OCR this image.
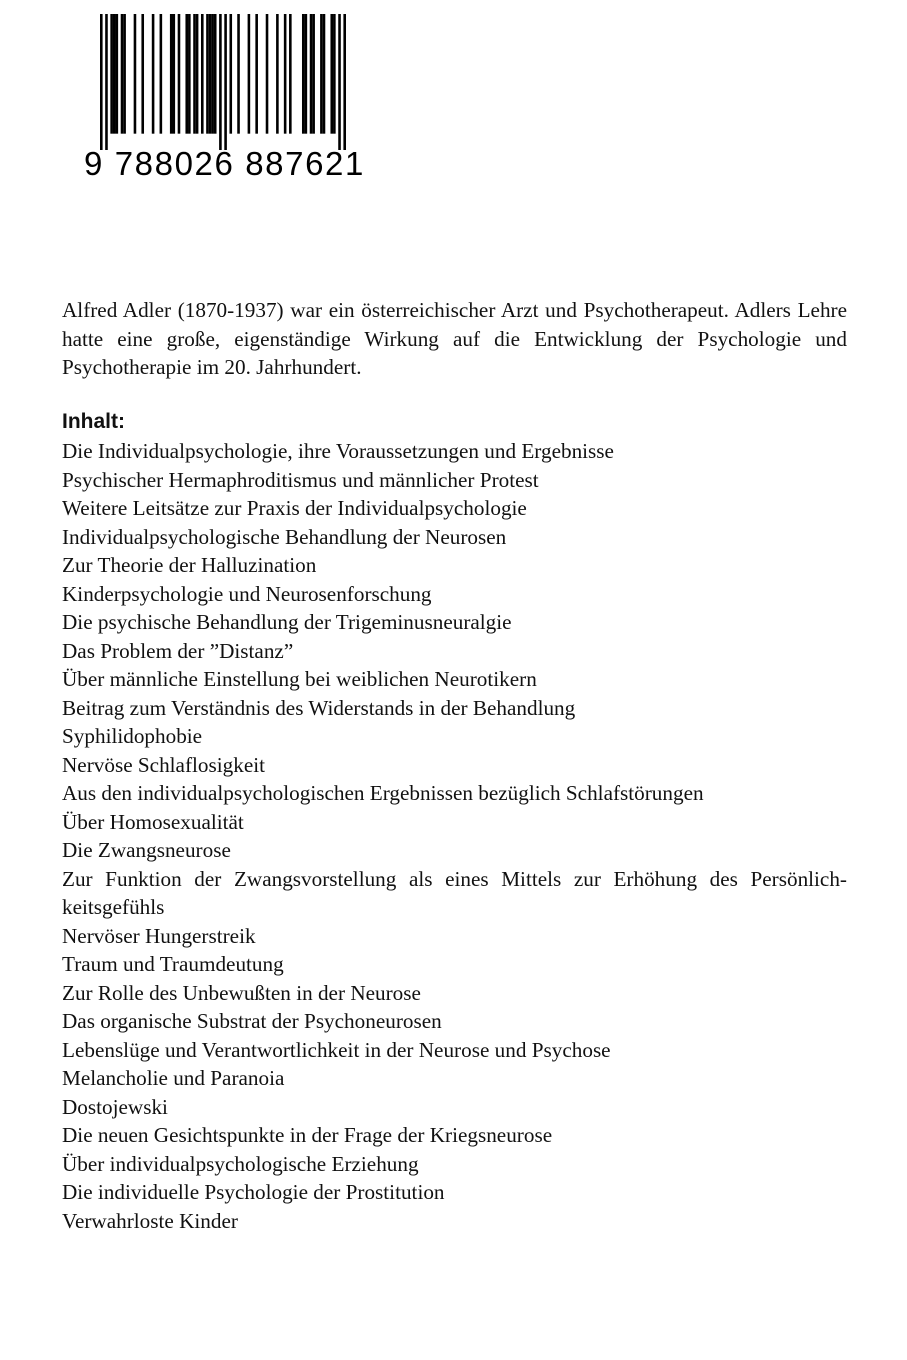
9 788026 887621

Alfred Adler (1870-1937) war ein österreichischer Arzt und Psychotherapeut. Adlers Lehre hatte eine große, eigenständige Wirkung auf die Entwicklung der Psychologie und Psychotherapie im 20. Jahrhundert.

Inhalt:
Die Individualpsychologie, ihre Voraussetzungen und Ergebnisse
Psychischer Hermaphroditismus und männlicher Protest
Weitere Leitsätze zur Praxis der Individualpsychologie
Individualpsychologische Behandlung der Neurosen
Zur Theorie der Halluzination
Kinderpsychologie und Neurosenforschung
Die psychische Behandlung der Trigeminusneuralgie
Das Problem der ”Distanz”
Über männliche Einstellung bei weiblichen Neurotikern
Beitrag zum Verständnis des Widerstands in der Behandlung
Syphilidophobie
Nervöse Schlaflosigkeit
Aus den individualpsychologischen Ergebnissen bezüglich Schlafstörungen
Über Homosexualität
Die Zwangsneurose
Zur Funktion der Zwangsvorstellung als eines Mittels zur Erhöhung des Persönlich-
keitsgefühls
Nervöser Hungerstreik
Traum und Traumdeutung
Zur Rolle des Unbewußten in der Neurose
Das organische Substrat der Psychoneurosen
Lebenslüge und Verantwortlichkeit in der Neurose und Psychose
Melancholie und Paranoia
Dostojewski
Die neuen Gesichtspunkte in der Frage der Kriegsneurose
Über individualpsychologische Erziehung
Die individuelle Psychologie der Prostitution
Verwahrloste Kinder
